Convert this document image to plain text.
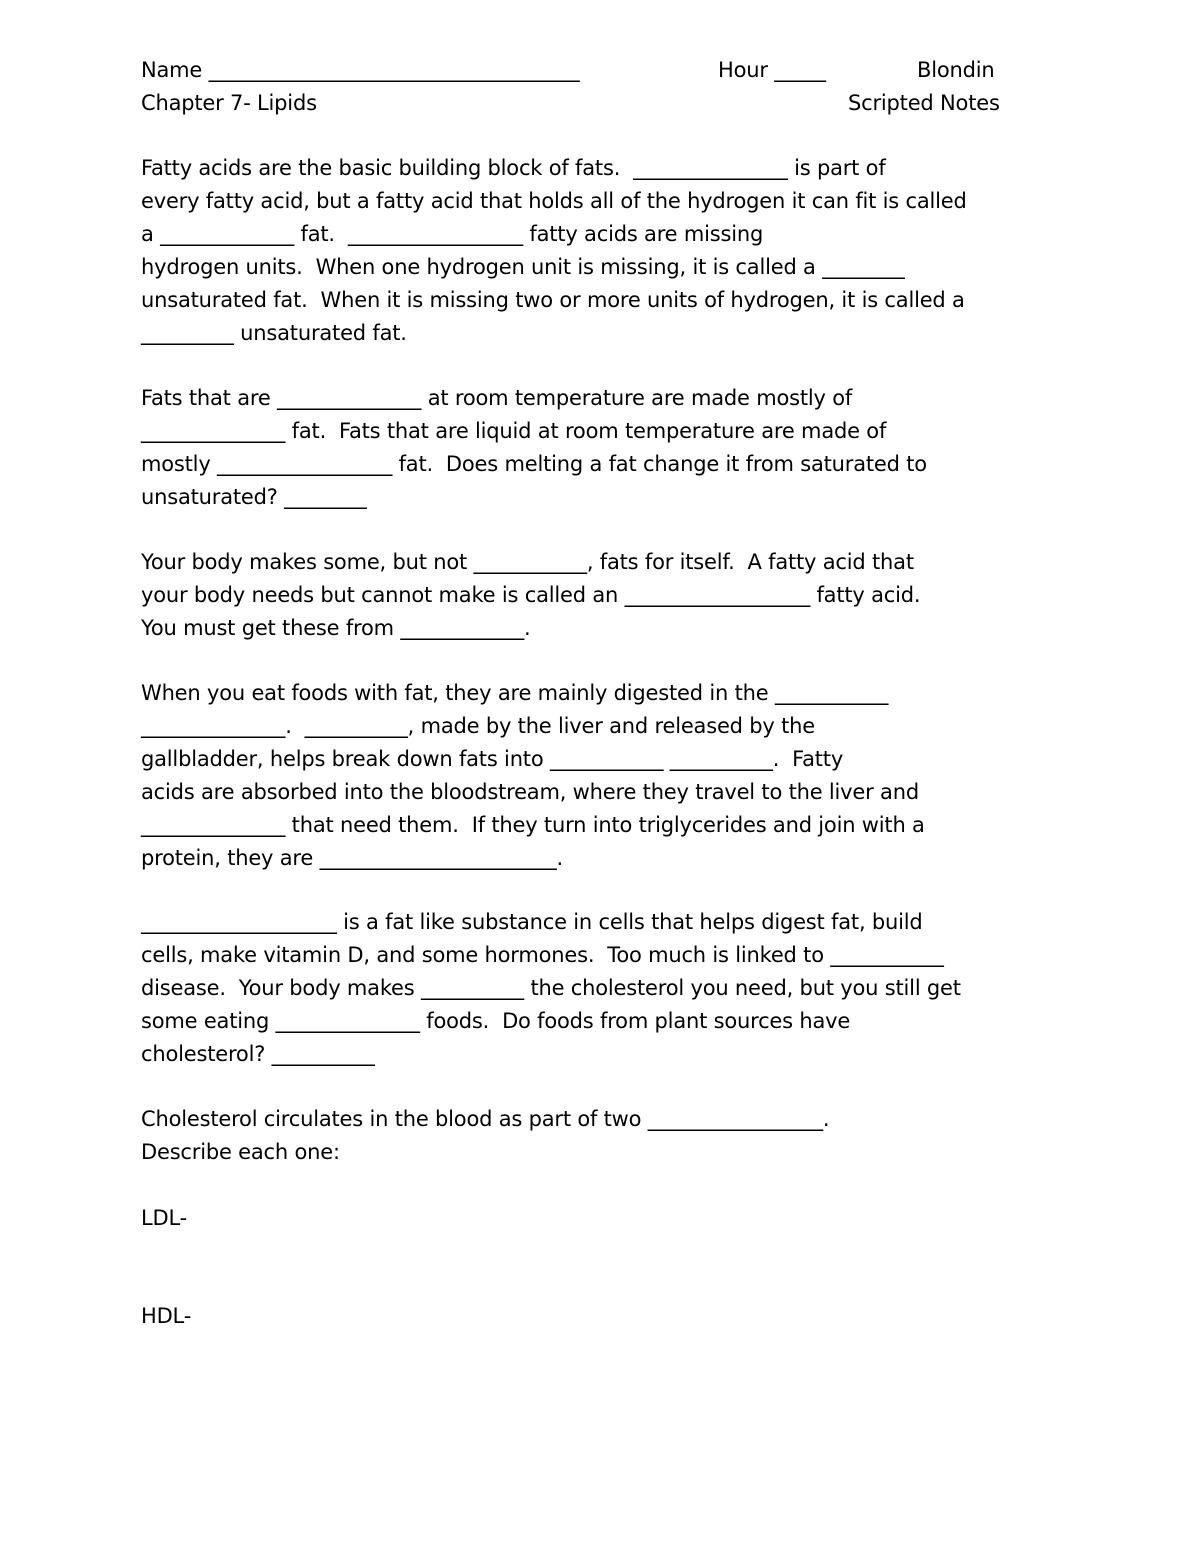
Name ____________________________________	Hour _____	Blondin
Chapter 7- Lipids	Scripted Notes
Fatty acids are the basic building block of fats.  _______________ is part of
every fatty acid, but a fatty acid that holds all of the hydrogen it can fit is called
a _____________ fat.  _________________ fatty acids are missing
hydrogen units.  When one hydrogen unit is missing, it is called a ________
unsaturated fat.  When it is missing two or more units of hydrogen, it is called a
_________ unsaturated fat.
Fats that are ______________ at room temperature are made mostly of
______________ fat.  Fats that are liquid at room temperature are made of
mostly _________________ fat.  Does melting a fat change it from saturated to
unsaturated? ________
Your body makes some, but not ___________, fats for itself.  A fatty acid that
your body needs but cannot make is called an __________________ fatty acid.
You must get these from ____________.
When you eat foods with fat, they are mainly digested in the ___________
______________.  __________, made by the liver and released by the
gallbladder, helps break down fats into ___________ __________.  Fatty
acids are absorbed into the bloodstream, where they travel to the liver and
______________ that need them.  If they turn into triglycerides and join with a
protein, they are _______________________.
___________________ is a fat like substance in cells that helps digest fat, build
cells, make vitamin D, and some hormones.  Too much is linked to ___________
disease.  Your body makes __________ the cholesterol you need, but you still get
some eating ______________ foods.  Do foods from plant sources have
cholesterol? __________
Cholesterol circulates in the blood as part of two _________________.
Describe each one:
LDL-
HDL-
